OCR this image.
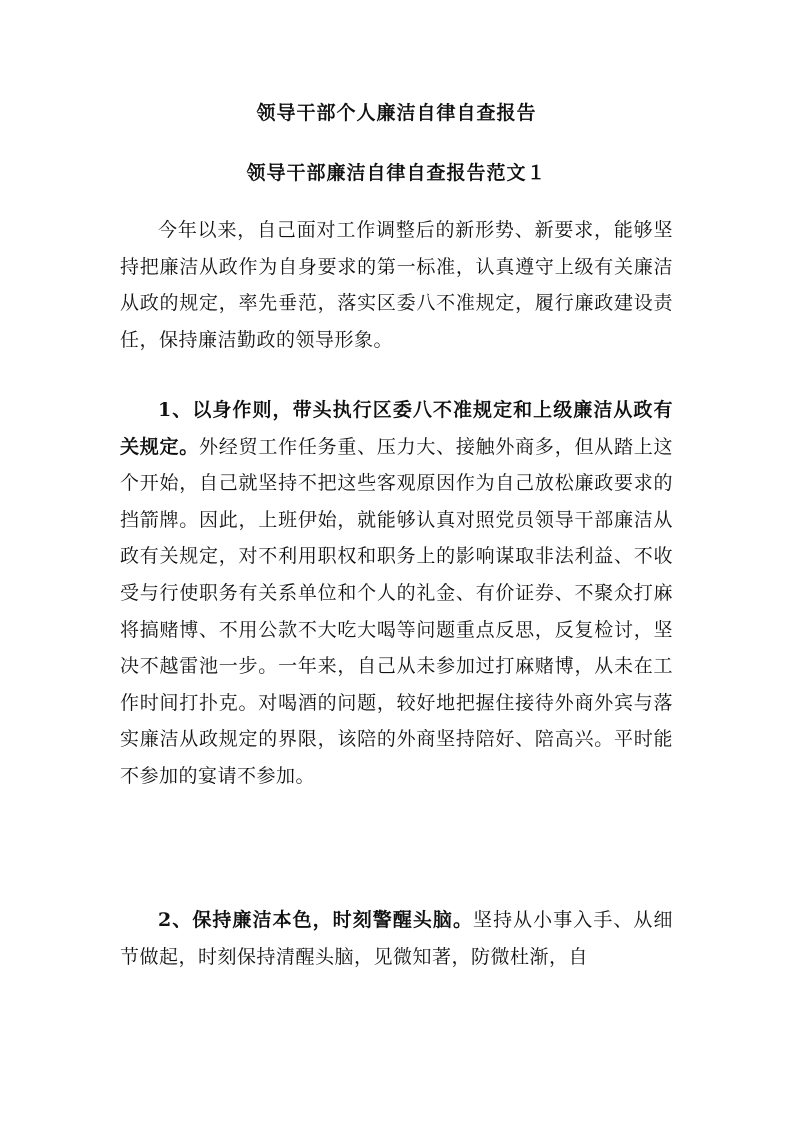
领导干部个人廉洁自律自查报告
领导干部廉洁自律自查报告范文１

今年以来，自己面对工作调整后的新形势、新要求，能够坚持把廉洁从政作为自身要求的第一标准，认真遵守上级有关廉洁从政的规定，率先垂范，落实区委八不准规定，履行廉政建设责任，保持廉洁勤政的领导形象。

1、以身作则，带头执行区委八不准规定和上级廉洁从政有关规定。外经贸工作任务重、压力大、接触外商多，但从踏上这个开始，自己就坚持不把这些客观原因作为自己放松廉政要求的挡箭牌。因此，上班伊始，就能够认真对照党员领导干部廉洁从政有关规定，对不利用职权和职务上的影响谋取非法利益、不收受与行使职务有关系单位和个人的礼金、有价证券、不聚众打麻将搞赌博、不用公款不大吃大喝等问题重点反思，反复检讨，坚决不越雷池一步。一年来，自己从未参加过打麻赌博，从未在工作时间打扑克。对喝酒的问题，较好地把握住接待外商外宾与落实廉洁从政规定的界限，该陪的外商坚持陪好、陪高兴。平时能不参加的宴请不参加。

2、保持廉洁本色，时刻警醒头脑。坚持从小事入手、从细节做起，时刻保持清醒头脑，见微知著，防微杜渐，自
